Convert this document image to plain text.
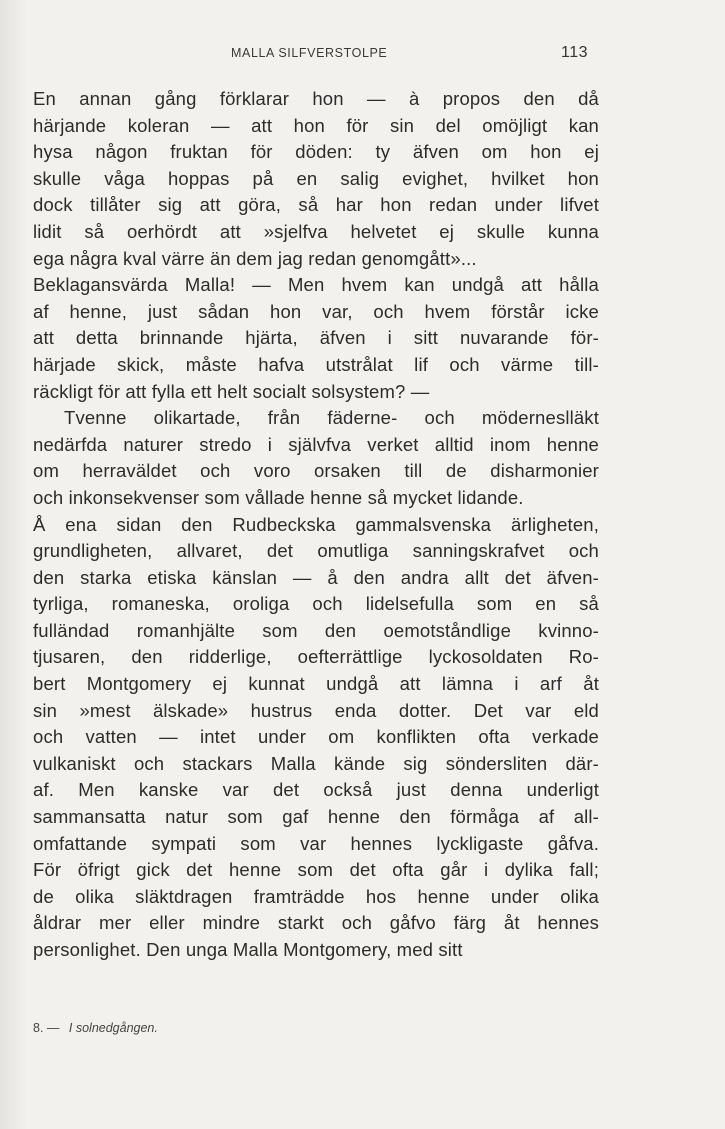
MALLA SILFVERSTOLPE	113
En annan gång förklarar hon — à propos den då
härjande koleran — att hon för sin del omöjligt kan
hysa någon fruktan för döden: ty äfven om hon ej
skulle våga hoppas på en salig evighet, hvilket hon
dock tillåter sig att göra, så har hon redan under lifvet
lidit så oerhördt att »sjelfva helvetet ej skulle kunna
ega några kval värre än dem jag redan genomgått»...
Beklagansvärda Malla! — Men hvem kan undgå att hålla
af henne, just sådan hon var, och hvem förstår icke
att detta brinnande hjärta, äfven i sitt nuvarande för-
härjade skick, måste hafva utstrålat lif och värme till-
räckligt för att fylla ett helt socialt solsystem? —
Tvenne olikartade, från fäderne- och möderneslläkt
nedärfda naturer stredo i självfva verket alltid inom henne
om herraväldet och voro orsaken till de disharmonier
och inkonsekvenser som vållade henne så mycket lidande.
Å ena sidan den Rudbeckska gammalsvenska ärligheten,
grundligheten, allvaret, det omutliga sanningskrafvet och
den starka etiska känslan — å den andra allt det äfven-
tyrliga, romaneska, oroliga och lidelsefulla som en så
fulländad romanhjälte som den oemotståndlige kvinno-
tjusaren, den ridderlige, oefterrättlige lyckosoldaten Ro-
bert Montgomery ej kunnat undgå att lämna i arf åt
sin »mest älskade» hustrus enda dotter. Det var eld
och vatten — intet under om konflikten ofta verkade
vulkaniskt och stackars Malla kände sig söndersliten där-
af. Men kanske var det också just denna underligt
sammansatta natur som gaf henne den förmåga af all-
omfattande sympati som var hennes lyckligaste gåfva.
För öfrigt gick det henne som det ofta går i dylika fall;
de olika släktdragen framträdde hos henne under olika
åldrar mer eller mindre starkt och gåfvo färg åt hennes
personlighet. Den unga Malla Montgomery, med sitt
8. — I solnedgången.
